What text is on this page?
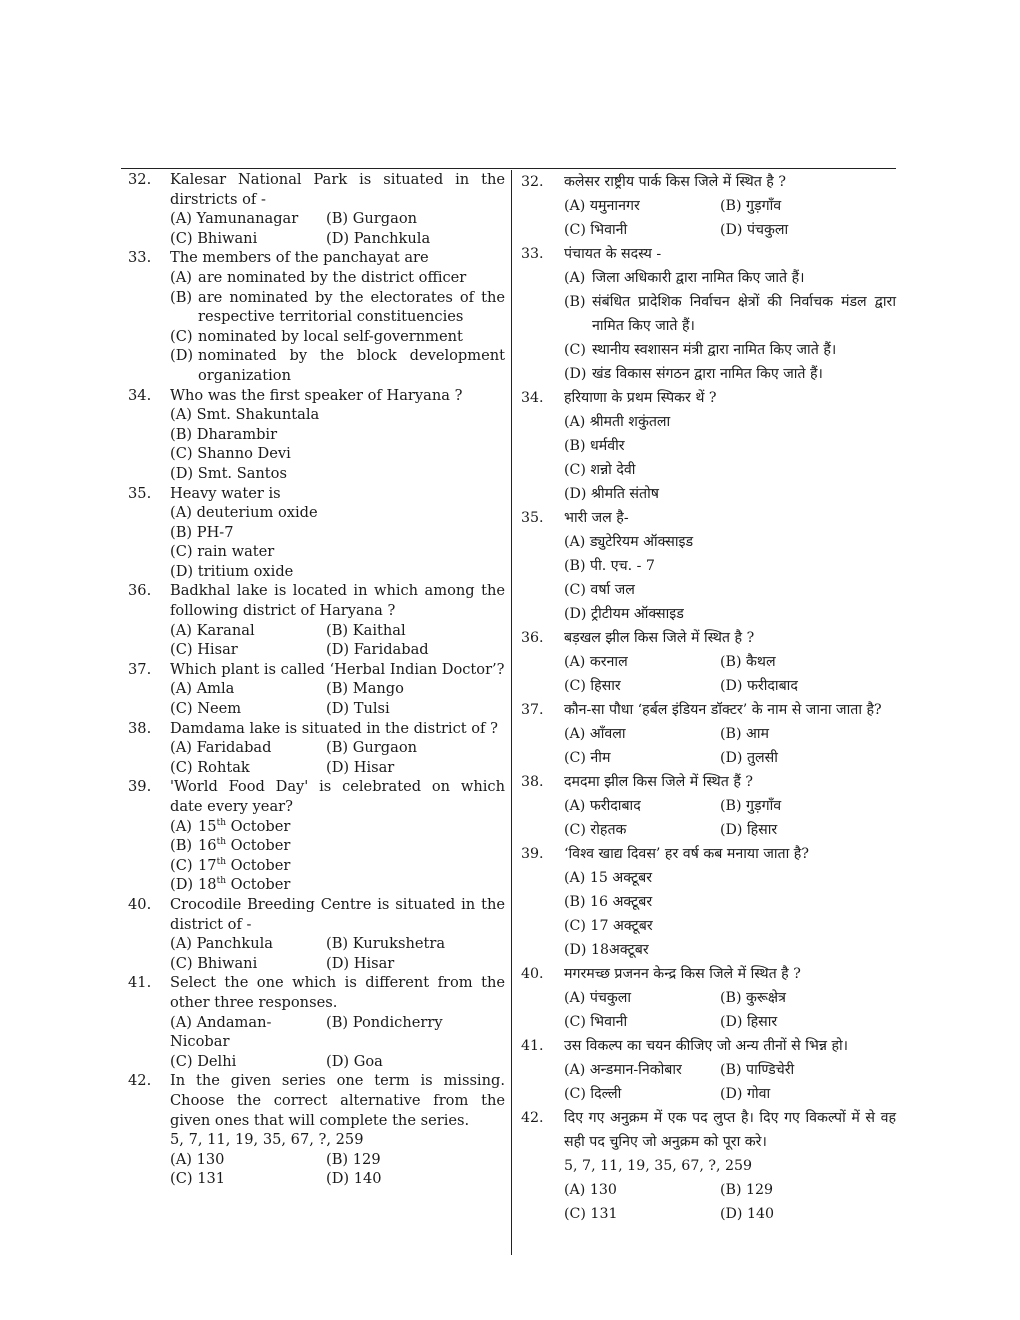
32. Kalesar National Park is situated in the dirstricts of -
(A) Yamunanagar	(B) Gurgaon
(C) Bhiwani	(D) Panchkula
33. The members of the panchayat are
(A) are nominated by the district officer
(B) are nominated by the electorates of the respective territorial constituencies
(C) nominated by local self-government
(D) nominated by the block development organization
34. Who was the first speaker of Haryana ?
(A) Smt. Shakuntala
(B) Dharambir
(C) Shanno Devi
(D) Smt. Santos
35. Heavy water is
(A) deuterium oxide
(B) PH-7
(C) rain water
(D) tritium oxide
36. Badkhal lake is located in which among the following district of Haryana ?
(A) Karanal	(B) Kaithal
(C) Hisar	(D) Faridabad
37. Which plant is called ‘Herbal Indian Doctor’?
(A) Amla	(B) Mango
(C) Neem	(D) Tulsi
38. Damdama lake is situated in the district of ?
(A) Faridabad	(B) Gurgaon
(C) Rohtak	(D) Hisar
39. 'World Food Day' is celebrated on which date every year?
(A) 15th October
(B) 16th October
(C) 17th October
(D) 18th October
40. Crocodile Breeding Centre is situated in the district of -
(A) Panchkula	(B) Kurukshetra
(C) Bhiwani	(D) Hisar
41. Select the one which is different from the other three responses.
(A) Andaman-Nicobar
(B) Pondicherry
(C) Delhi	(D) Goa
42. In the given series one term is missing. Choose the correct alternative from the given ones that will complete the series.
5, 7, 11, 19, 35, 67, ?, 259
(A) 130	(B) 129
(C) 131	(D) 140
32. कलेसर राष्ट्रीय पार्क किस जिले में स्थित है ?
(A) यमुनानगर	(B) गुड़गाँव
(C) भिवानी	(D) पंचकुला
33. पंचायत के सदस्य -
(A) जिला अधिकारी द्वारा नामित किए जाते हैं।
(B) संबंधित प्रादेशिक निर्वाचन क्षेत्रों की निर्वाचक मंडल द्वारा नामित किए जाते हैं।
(C) स्थानीय स्वशासन मंत्री द्वारा नामित किए जाते हैं।
(D) खंड विकास संगठन द्वारा नामित किए जाते हैं।
34. हरियाणा के प्रथम स्पिकर थें ?
(A) श्रीमती शकुंतला
(B) धर्मवीर
(C) शन्नो देवी
(D) श्रीमति संतोष
35. भारी जल है-
(A) ड्युटेरियम ऑक्साइड
(B) पी. एच. - 7
(C) वर्षा जल
(D) ट्रीटीयम ऑक्साइड
36. बड़खल झील किस जिले में स्थित है ?
(A) करनाल	(B) कैथल
(C) हिसार	(D) फरीदाबाद
37. कौन-सा पौधा ‘हर्बल इंडियन डॉक्टर’ के नाम से जाना जाता है?
(A) आँवला	(B) आम
(C) नीम	(D) तुलसी
38. दमदमा झील किस जिले में स्थित हैं ?
(A) फरीदाबाद	(B) गुड़गाँव
(C) रोहतक	(D) हिसार
39. ‘विश्व खाद्य दिवस’ हर वर्ष कब मनाया जाता है?
(A) 15 अक्टूबर
(B) 16 अक्टूबर
(C) 17 अक्टूबर
(D) 18अक्टूबर
40. मगरमच्छ प्रजनन केन्द्र किस जिले में स्थित है ?
(A) पंचकुला	(B) कुरूक्षेत्र
(C) भिवानी	(D) हिसार
41. उस विकल्प का चयन कीजिए जो अन्य तीनों से भिन्न हो।
(A) अन्डमान-निकोबार	(B) पाण्डिचेरी
(C) दिल्ली	(D) गोवा
42. दिए गए अनुक्रम में एक पद लुप्त है। दिए गए विकल्पों में से वह सही पद चुनिए जो अनुक्रम को पूरा करे।
5, 7, 11, 19, 35, 67, ?, 259
(A) 130	(B) 129
(C) 131	(D) 140
